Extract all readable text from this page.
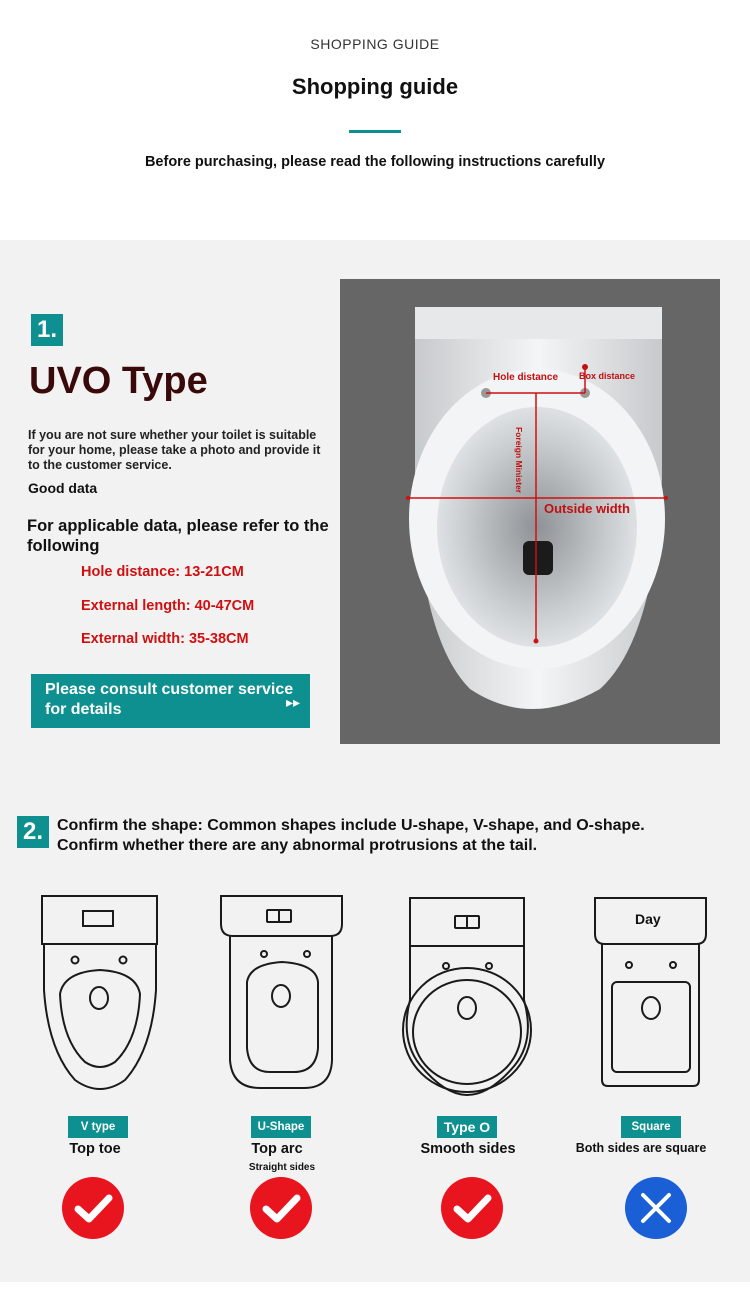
SHOPPING GUIDE
Shopping guide
Before purchasing, please read the following instructions carefully
1.
UVO Type
If you are not sure whether your toilet is suitable for your home, please take a photo and provide it to the customer service.
Good data
For applicable data, please refer to the following
Hole distance: 13-21CM
External length: 40-47CM
External width: 35-38CM
Please consult customer service for details	▸▸
Hole distance Box distance
Foreign Minister
Outside width
2. Confirm the shape: Common shapes include U-shape, V-shape, and O-shape. Confirm whether there are any abnormal protrusions at the tail.
Day
V type
Top toe
U-Shape
Top arc
Straight sides
Type O
Smooth sides
Square
Both sides are square
